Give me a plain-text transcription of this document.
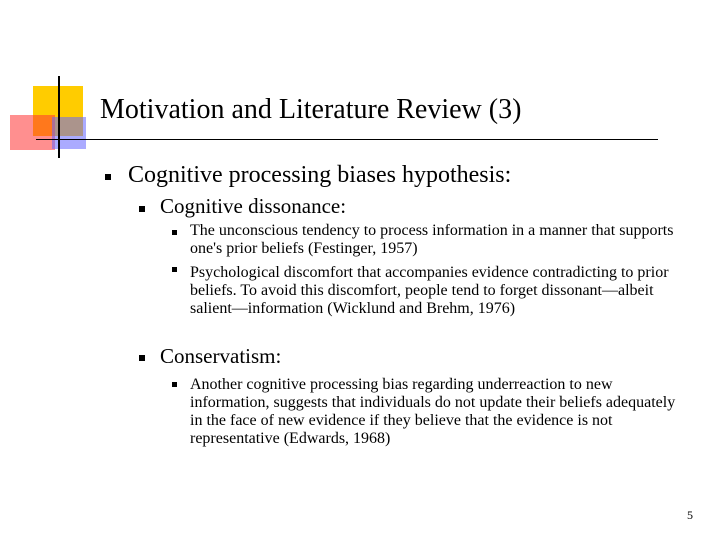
Motivation and Literature Review (3)
Cognitive processing biases hypothesis:
Cognitive dissonance:
The unconscious tendency to process information in a manner that supports one's prior beliefs (Festinger, 1957)
Psychological discomfort that accompanies evidence contradicting to prior beliefs. To avoid this discomfort, people tend to forget dissonant—albeit salient—information (Wicklund and Brehm, 1976)
Conservatism:
Another cognitive processing bias regarding underreaction to new information, suggests that individuals do not update their beliefs adequately in the face of new evidence if they believe that the evidence is not representative (Edwards, 1968)
5
